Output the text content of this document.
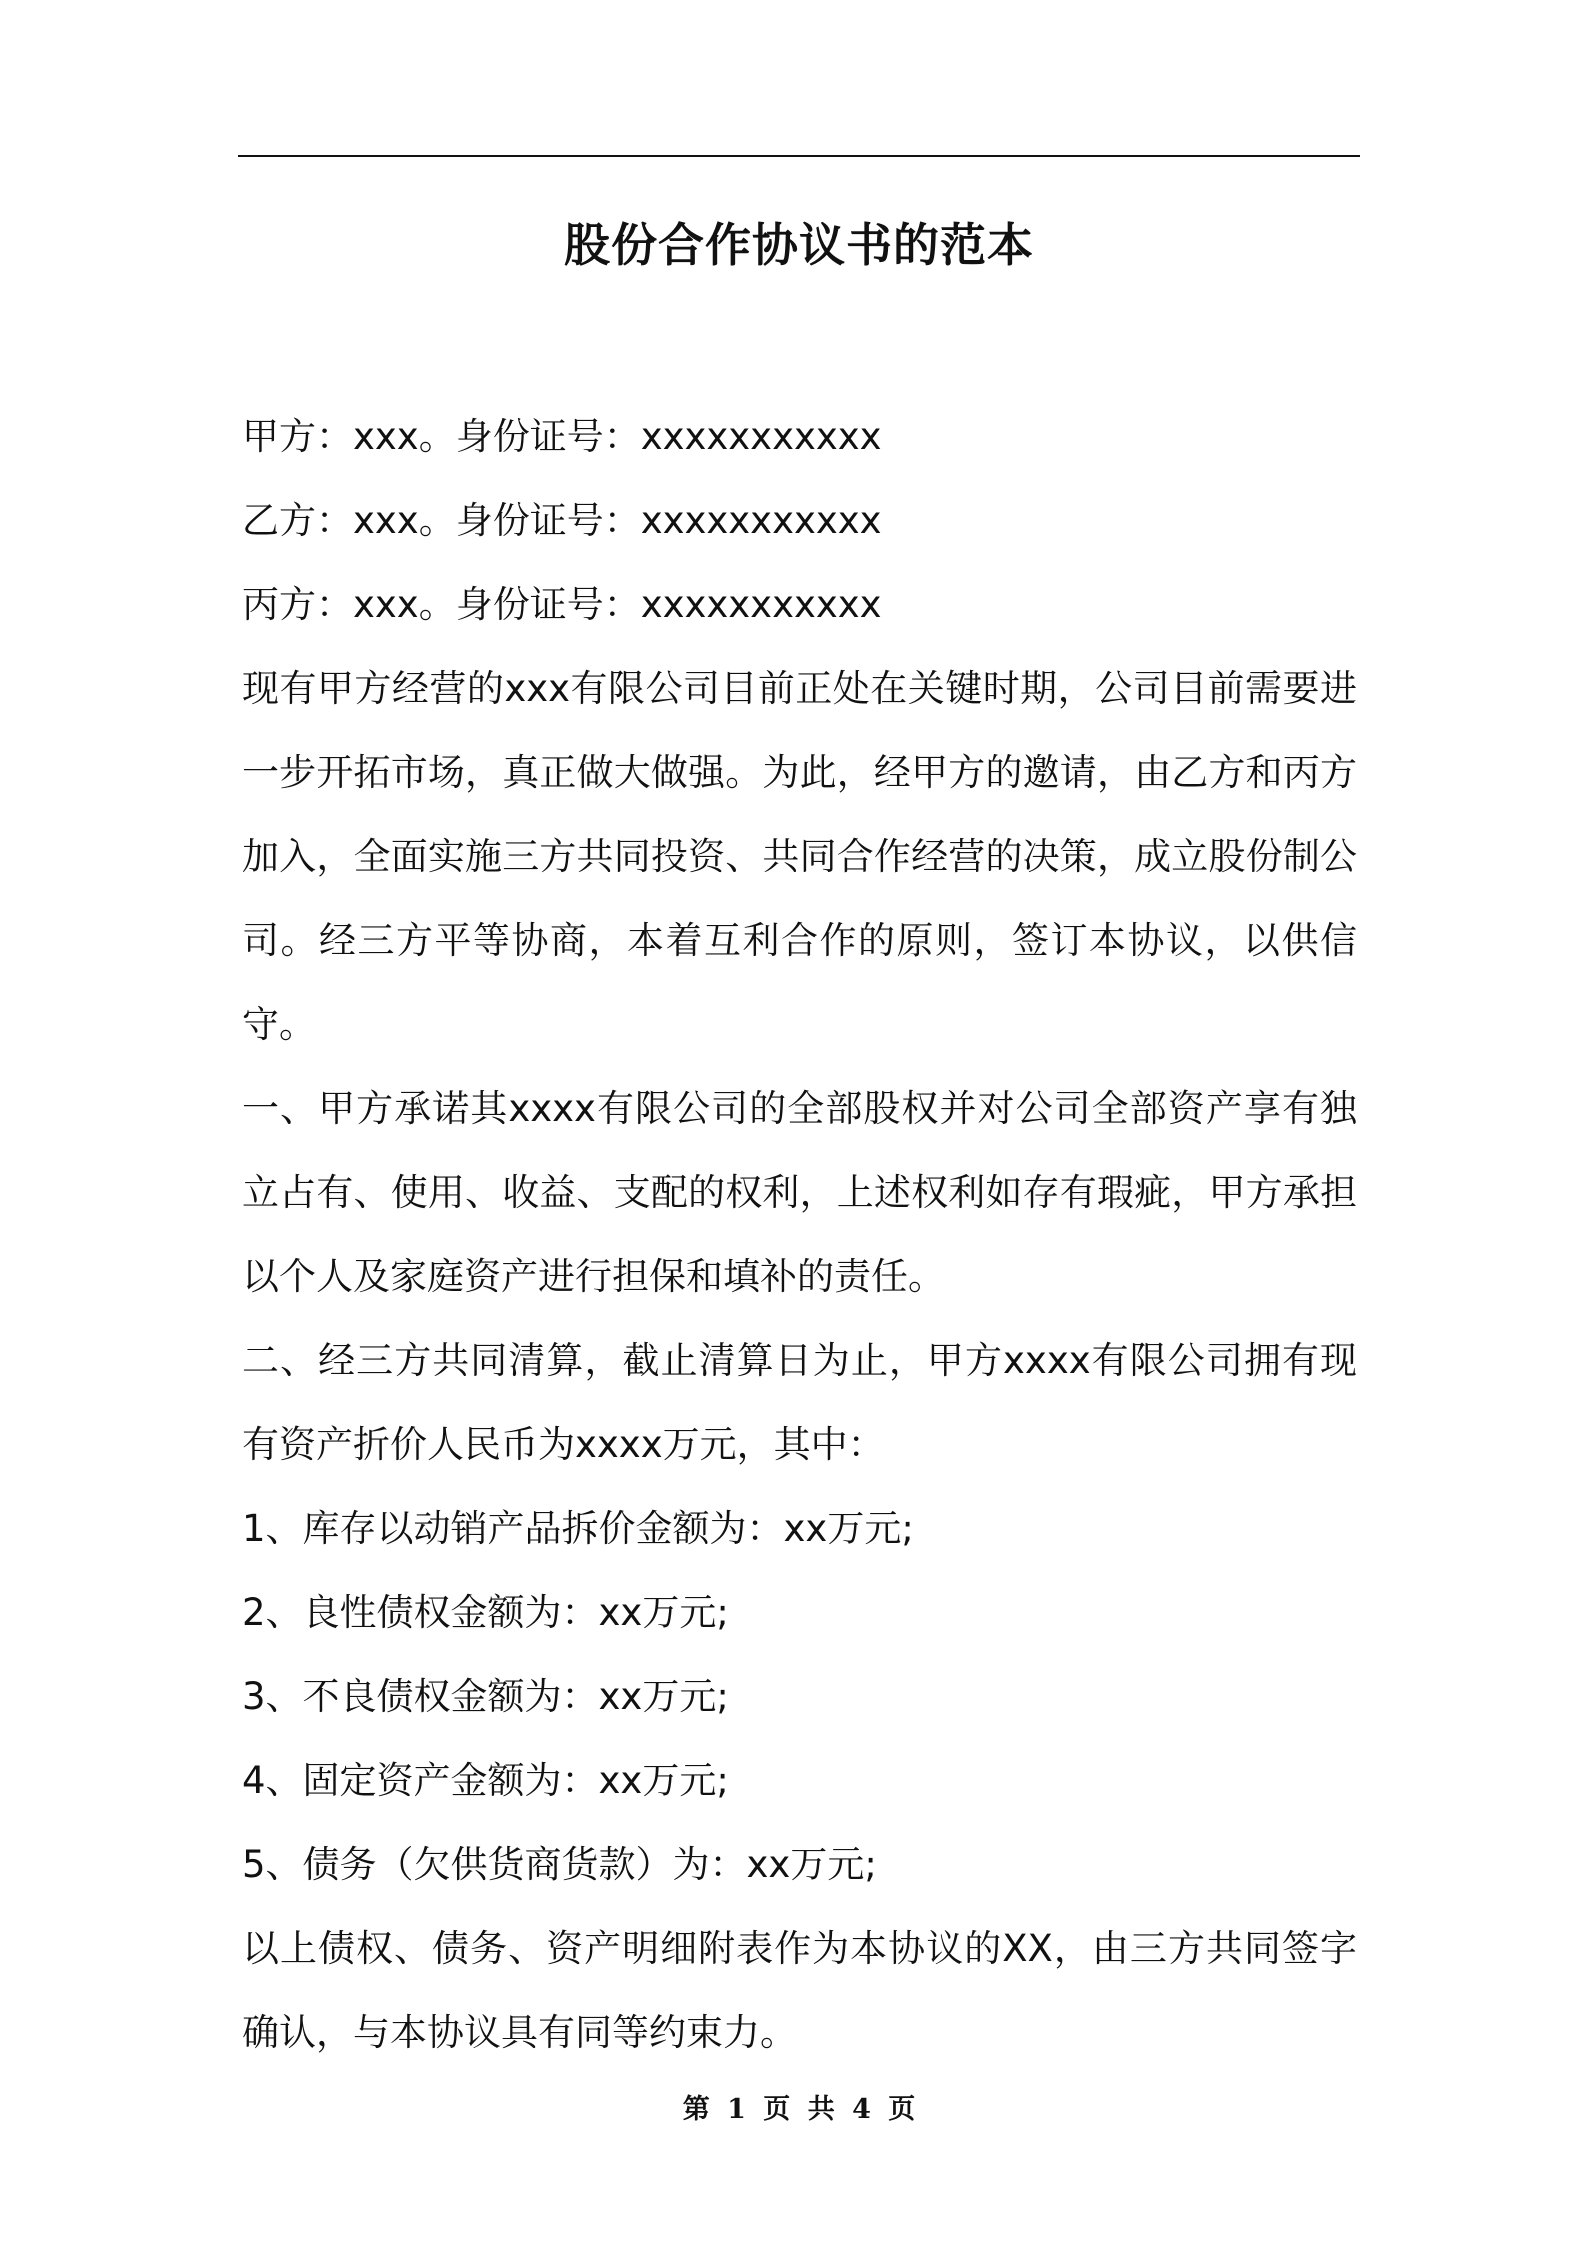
股份合作协议书的范本

甲方：xxx。身份证号：xxxxxxxxxxx

乙方：xxx。身份证号：xxxxxxxxxxx

丙方：xxx。身份证号：xxxxxxxxxxx

现有甲方经营的xxx有限公司目前正处在关键时期，公司目前需要进一步开拓市场，真正做大做强。为此，经甲方的邀请，由乙方和丙方加入，全面实施三方共同投资、共同合作经营的决策，成立股份制公司。经三方平等协商，本着互利合作的原则，签订本协议，以供信守。

一、甲方承诺其xxxx有限公司的全部股权并对公司全部资产享有独立占有、使用、收益、支配的权利，上述权利如存有瑕疵，甲方承担以个人及家庭资产进行担保和填补的责任。

二、经三方共同清算，截止清算日为止，甲方xxxx有限公司拥有现有资产折价人民币为xxxx万元，其中：

1、库存以动销产品拆价金额为：xx万元;

2、良性债权金额为：xx万元;

3、不良债权金额为：xx万元;

4、固定资产金额为：xx万元;

5、债务（欠供货商货款）为：xx万元;

以上债权、债务、资产明细附表作为本协议的XX，由三方共同签字确认，与本协议具有同等约束力。

第 1 页 共 4 页
